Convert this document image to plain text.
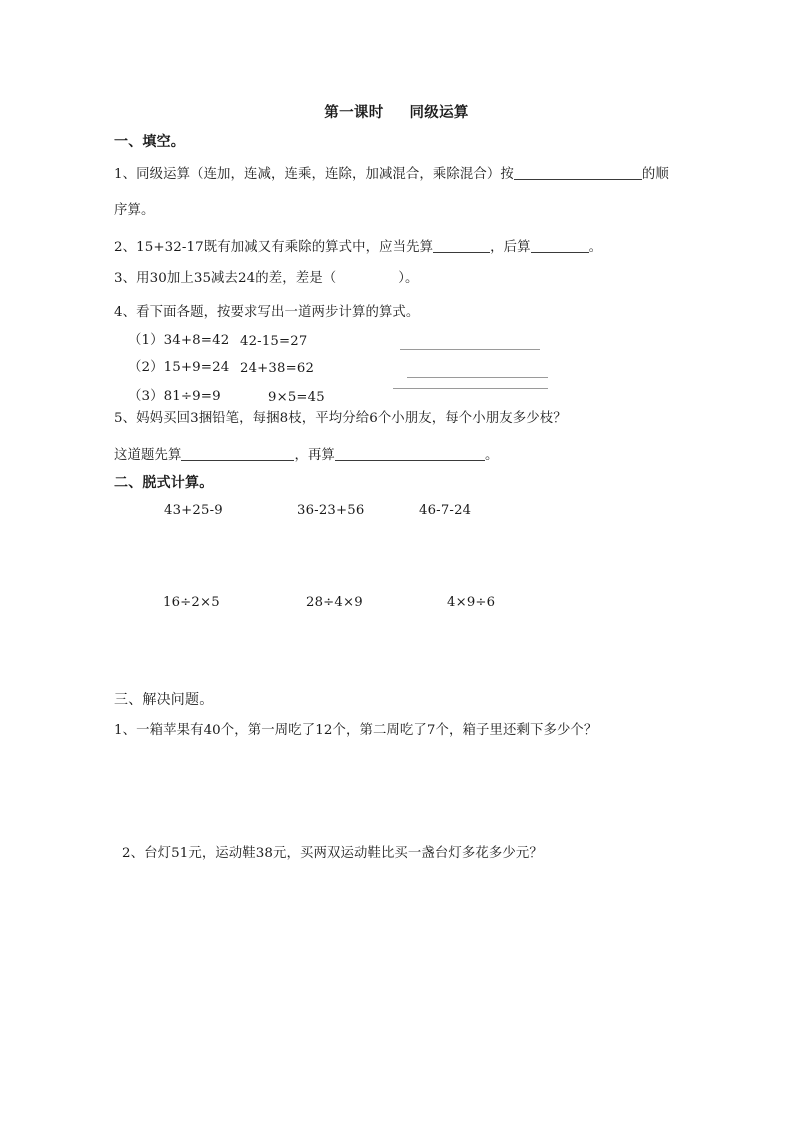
第一课时 同级运算
一、填空。
1、同级运算（连加，连减，连乘，连除，加减混合，乘除混合）按	的顺
序算。
2、15+32-17既有加减又有乘除的算式中，应当先算	，后算	。
3、用30加上35减去24的差，差是（	）。
4、看下面各题，按要求写出一道两步计算的算式。
（1）34+8=42 42-15=27
（2）15+9=24 24+38=62
（3）81÷9=9	9×5=45
5、妈妈买回3捆铅笔，每捆8枝，平均分给6个小朋友，每个小朋友多少枝？
这道题先算	，再算	。
二、脱式计算。
43+25-9	36-23+56	46-7-24
16÷2×5	28÷4×9	4×9÷6
三、解决问题。
1、一箱苹果有40个，第一周吃了12个，第二周吃了7个，箱子里还剩下多少个？
2、台灯51元，运动鞋38元，买两双运动鞋比买一盏台灯多花多少元？
